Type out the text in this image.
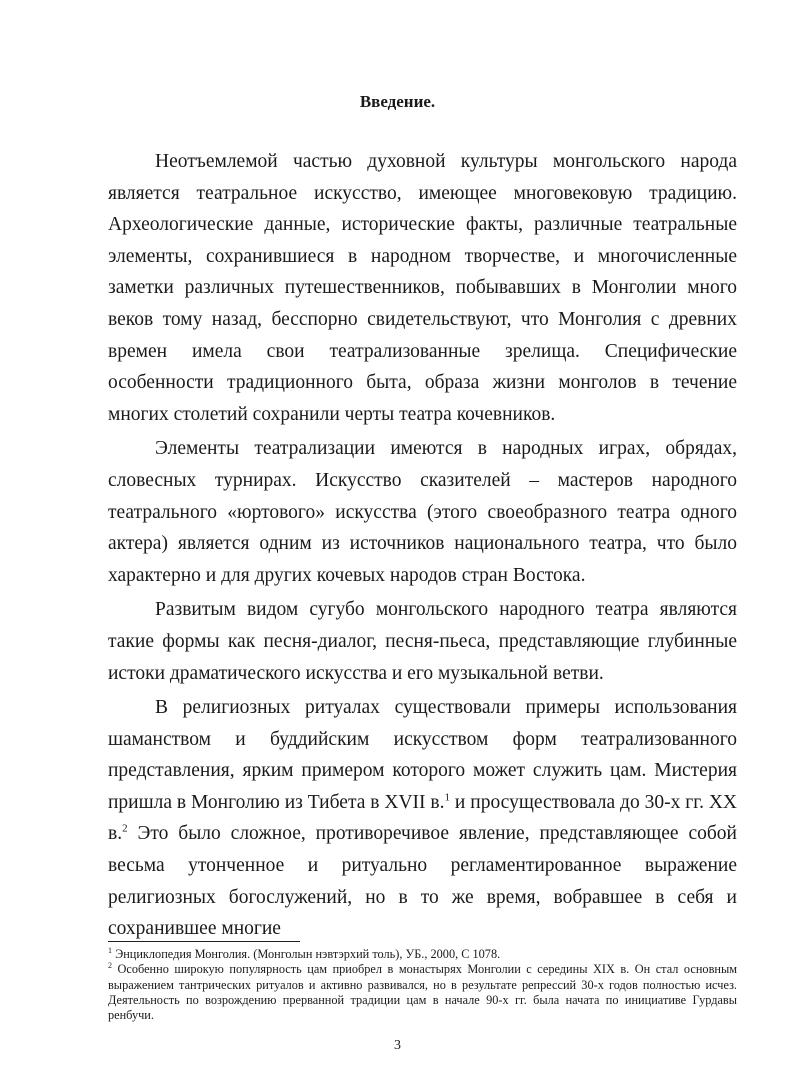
Введение.

Неотъемлемой частью духовной культуры монгольского народа является театральное искусство, имеющее многовековую традицию. Археологические данные, исторические факты, различные театральные элементы, сохранившиеся в народном творчестве, и многочисленные заметки различных путешественников, побывавших в Монголии много веков тому назад, бесспорно свидетельствуют, что Монголия с древних времен имела свои театрализованные зрелища. Специфические особенности традиционного быта, образа жизни монголов в течение многих столетий сохранили черты театра кочевников.

Элементы театрализации имеются в народных играх, обрядах, словесных турнирах. Искусство сказителей – мастеров народного театрального «юртового» искусства (этого своеобразного театра одного актера) является одним из источников национального театра, что было характерно и для других кочевых народов стран Востока.

Развитым видом сугубо монгольского народного театра являются такие формы как песня-диалог, песня-пьеса, представляющие глубинные истоки драматического искусства и его музыкальной ветви.

В религиозных ритуалах существовали примеры использования шаманством и буддийским искусством форм театрализованного представления, ярким примером которого может служить цам. Мистерия пришла в Монголию из Тибета в XVII в.$^1$ и просуществовала до 30-х гг. XX в.$^2$ Это было сложное, противоречивое явление, представляющее собой весьма утонченное и ритуально регламентированное выражение религиозных богослужений, но в то же время, вобравшее в себя и сохранившее многие

$^1$ Энциклопедия Монголия. (Монголын нэвтэрхий толь), УБ., 2000, С 1078.

$^2$ Особенно широкую популярность цам приобрел в монастырях Монголии с середины XIX в. Он стал основным выражением тантрических ритуалов и активно развивался, но в результате репрессий 30-х годов полностью исчез. Деятельность по возрождению прерванной традиции цам в начале 90-х гг. была начата по инициативе Гурдавы ренбучи.

3
